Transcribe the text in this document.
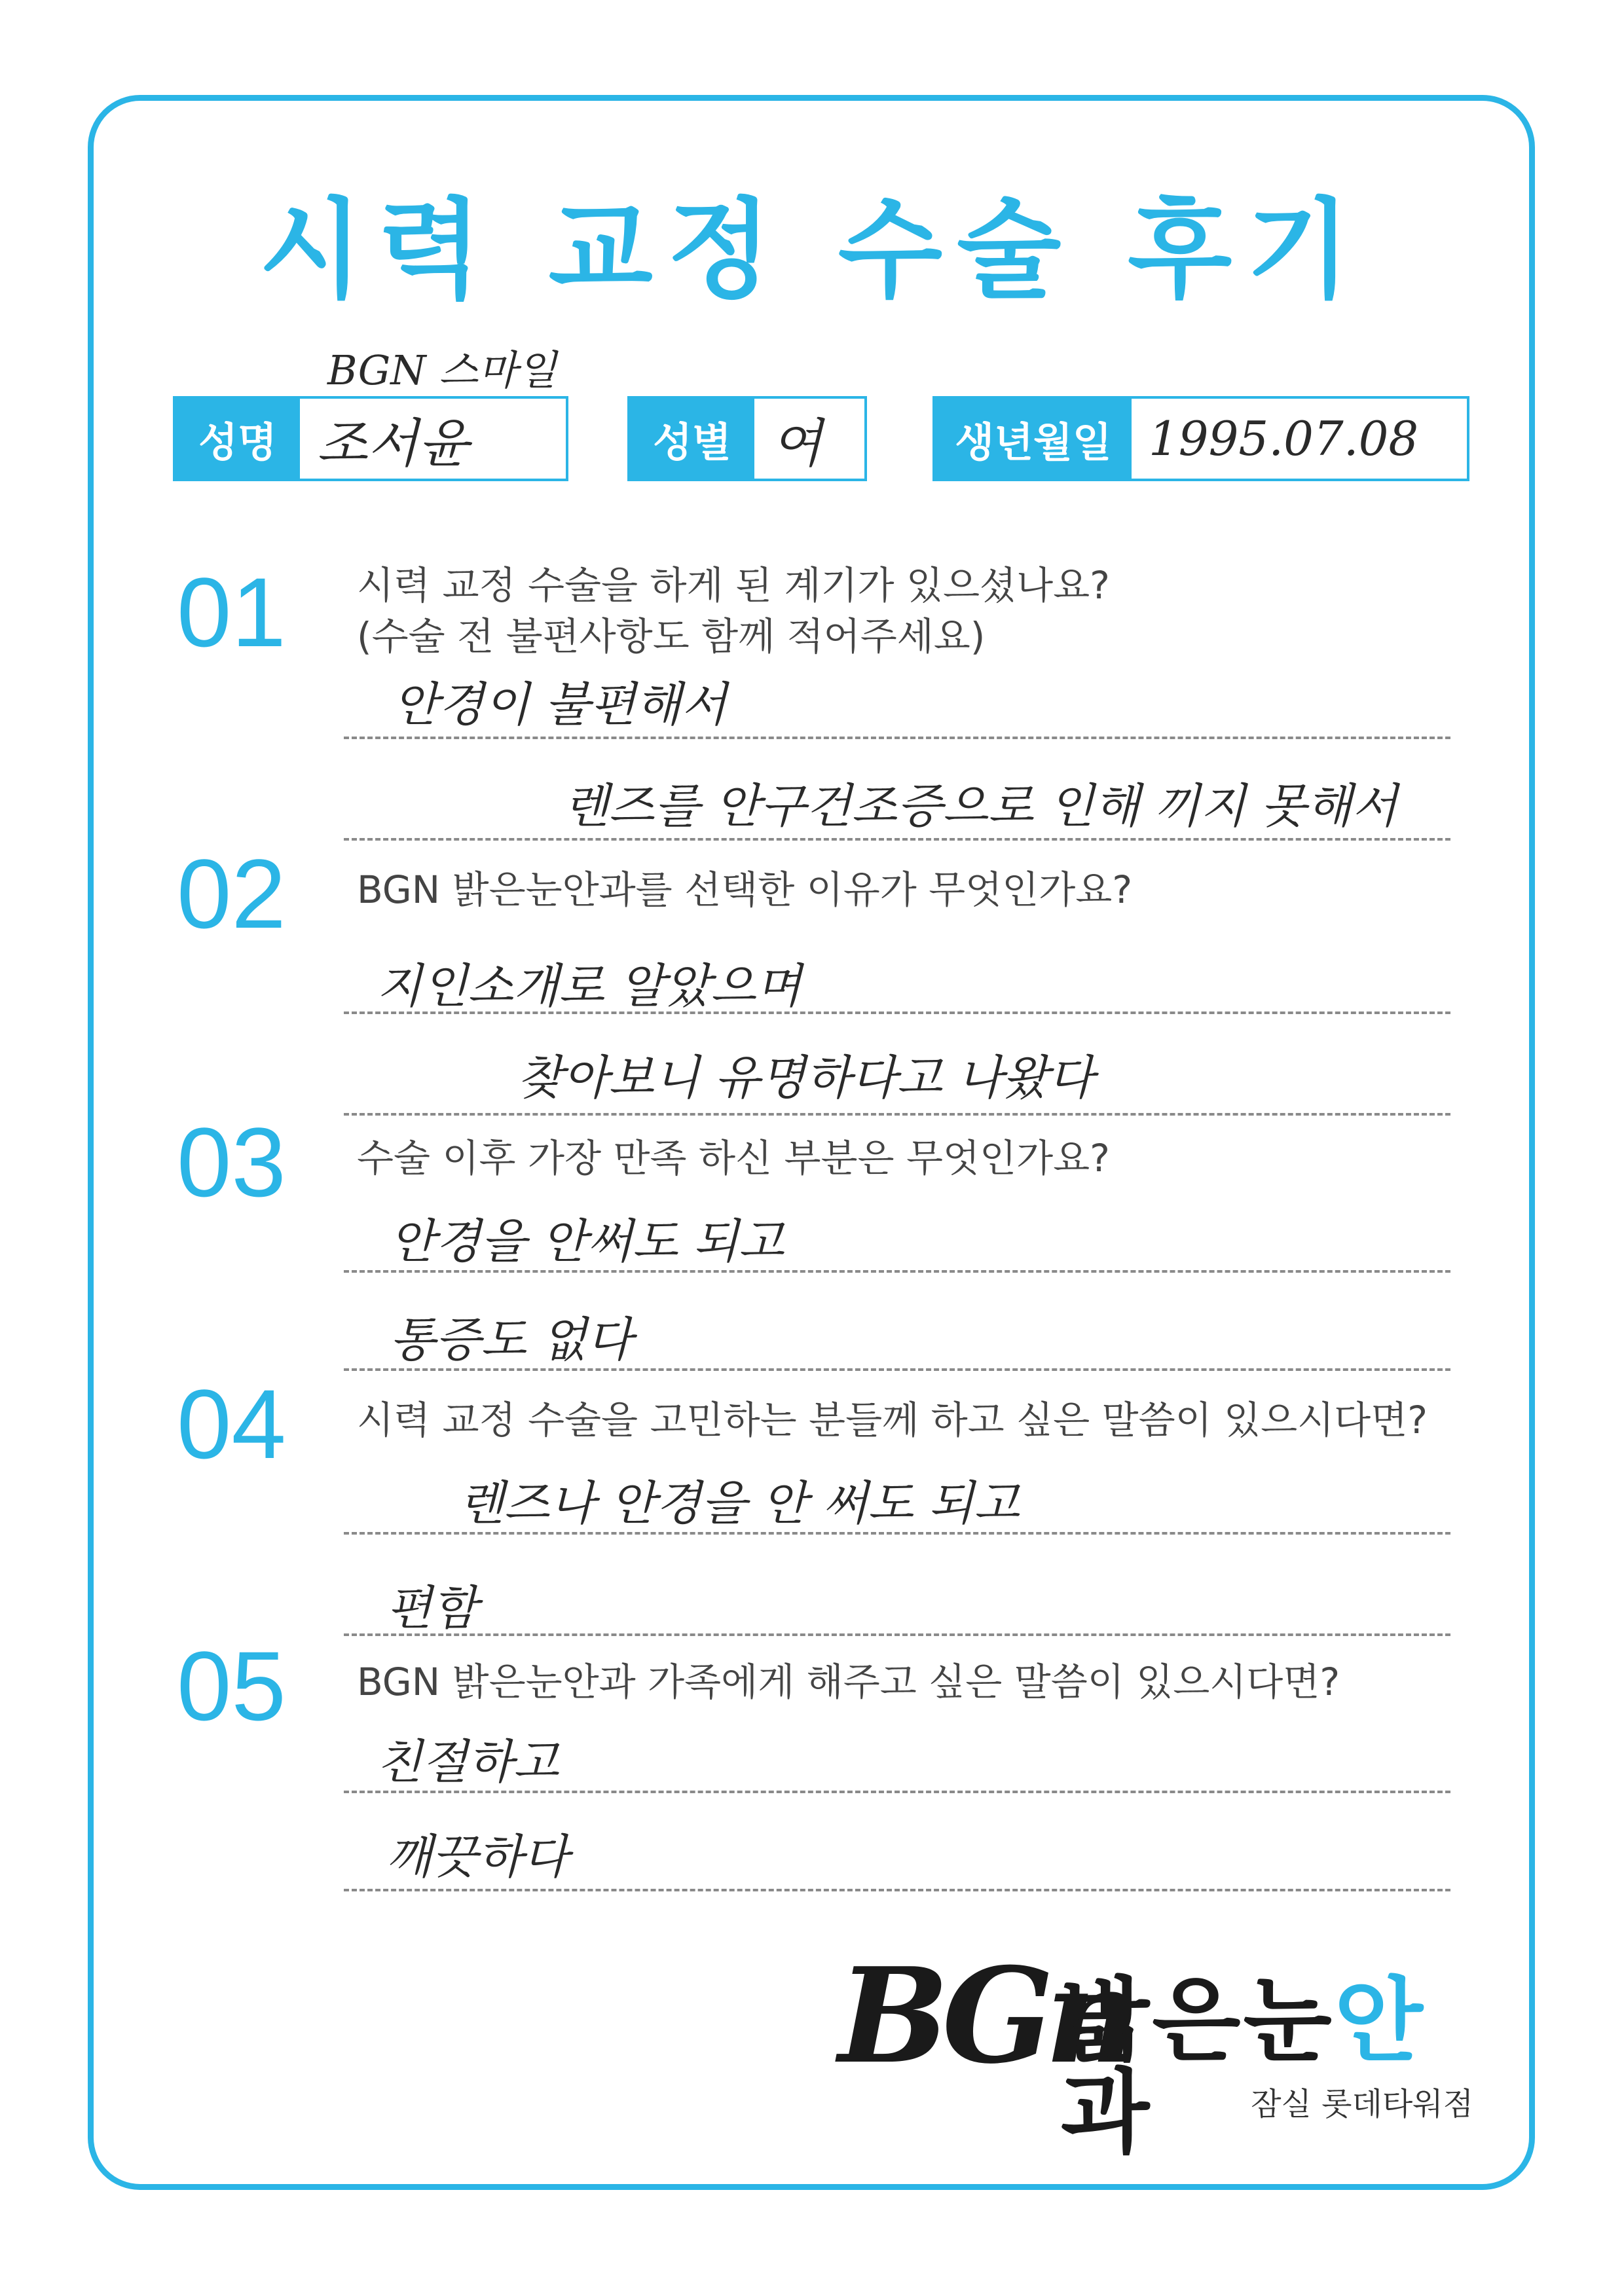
시력 교정 수술 후기
BGN 스마일
성명 조서윤	성별 여	생년월일 1995.07.08
01 시력 교정 수술을 하게 된 계기가 있으셨나요?
(수술 전 불편사항도 함께 적어주세요)
안경이 불편해서
렌즈를 안구건조증으로 인해 끼지 못해서
02 BGN 밝은눈안과를 선택한 이유가 무엇인가요?
지인소개로 알았으며
찾아보니 유명하다고 나왔다
03 수술 이후 가장 만족 하신 부분은 무엇인가요?
안경을 안써도 되고
통증도 없다
04 시력 교정 수술을 고민하는 분들께 하고 싶은 말씀이 있으시다면?
렌즈나 안경을 안 써도 되고
편함
05 BGN 밝은눈안과 가족에게 해주고 싶은 말씀이 있으시다면?
친절하고
깨끗하다
BGn
밝은눈안과	잠실 롯데타워점
